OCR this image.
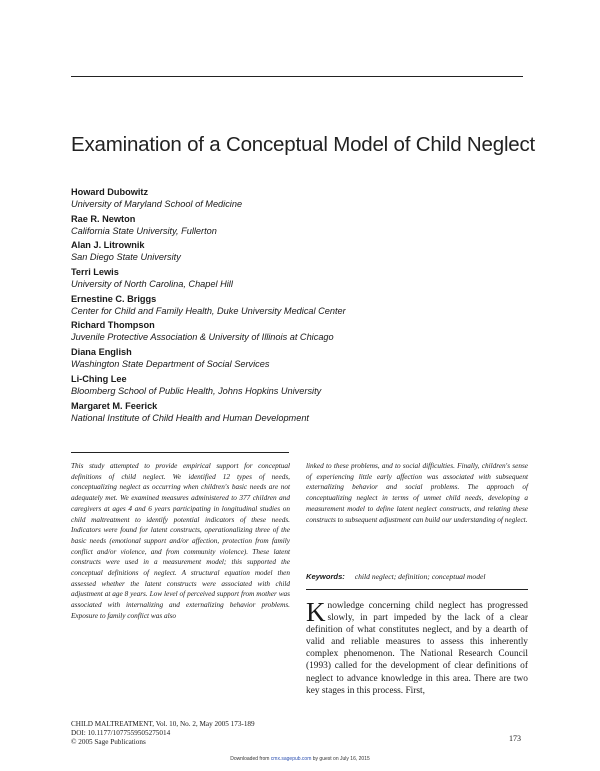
Examination of a Conceptual Model of Child Neglect
Howard Dubowitz
University of Maryland School of Medicine
Rae R. Newton
California State University, Fullerton
Alan J. Litrownik
San Diego State University
Terri Lewis
University of North Carolina, Chapel Hill
Ernestine C. Briggs
Center for Child and Family Health, Duke University Medical Center
Richard Thompson
Juvenile Protective Association & University of Illinois at Chicago
Diana English
Washington State Department of Social Services
Li-Ching Lee
Bloomberg School of Public Health, Johns Hopkins University
Margaret M. Feerick
National Institute of Child Health and Human Development

This study attempted to provide empirical support for conceptual definitions of child neglect. We identified 12 types of needs, conceptualizing neglect as occurring when children's basic needs are not adequately met. We examined measures administered to 377 children and caregivers at ages 4 and 6 years participating in longitudinal studies on child maltreatment to identify potential indicators of these needs. Indicators were found for latent constructs, operationalizing three of the basic needs (emotional support and/or affection, protection from family conflict and/or violence, and from community violence). These latent constructs were used in a measurement model; this supported the conceptual definitions of neglect. A structural equation model then assessed whether the latent constructs were associated with child adjustment at age 8 years. Low level of perceived support from mother was associated with internalizing and externalizing behavior problems. Exposure to family conflict was also

linked to these problems, and to social difficulties. Finally, children's sense of experiencing little early affection was associated with subsequent externalizing behavior and social problems. The approach of conceptualizing neglect in terms of unmet child needs, developing a measurement model to define latent neglect constructs, and relating these constructs to subsequent adjustment can build our understanding of neglect.

Keywords: child neglect; definition; conceptual model
Knowledge concerning child neglect has progressed slowly, in part impeded by the lack of a clear definition of what constitutes neglect, and by a dearth of valid and reliable measures to assess this inherently complex phenomenon. The National Research Council (1993) called for the development of clear definitions of neglect to advance knowledge in this area. There are two key stages in this process. First,
CHILD MALTREATMENT, Vol. 10, No. 2, May 2005 173-189
DOI: 10.1177/1077559505275014
© 2005 Sage Publications	173
Downloaded from cmx.sagepub.com by guest on July 16, 2015
